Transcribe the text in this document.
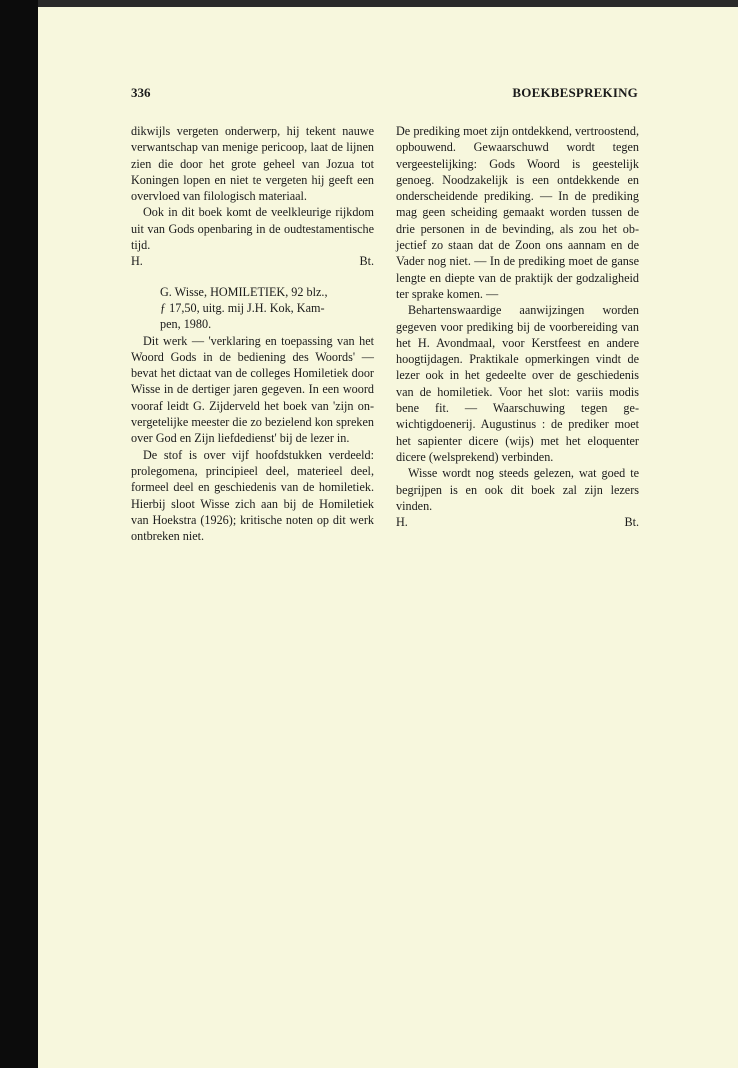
336	BOEKBESPREKING

dikwijls vergeten onderwerp, hij tekent nauwe verwantschap van menige pericoop, laat de lijnen zien die door het grote geheel van Jozua tot Koningen lopen en niet te vergeten hij geeft een overvloed van filologisch materiaal.

Ook in dit boek komt de veelkleurige rijkdom uit van Gods openbaring in de oudtestamentische tijd.

H.	Bt.
G. Wisse, HOMILETIEK, 92 blz.,
ƒ 17,50, uitg. mij J.H. Kok, Kam-
pen, 1980.

Dit werk — 'verklaring en toepassing van het Woord Gods in de bediening des Woords' — bevat het dictaat van de colleges Homiletiek door Wisse in de dertiger jaren gegeven. In een woord vooraf leidt G. Zijderveld het boek van 'zijn onvergetelijke meester die zo bezielend kon spreken over God en Zijn liefdedienst' bij de lezer in.

De stof is over vijf hoofdstukken verdeeld: prolegomena, principieel deel, materieel deel, formeel deel en geschiedenis van de homiletiek. Hierbij sloot Wisse zich aan bij de Homiletiek van Hoekstra (1926); kritische noten op dit werk ontbreken niet.

De prediking moet zijn ontdekkend, vertroostend, opbouwend. Gewaarschuwd wordt tegen vergeestelijking: Gods Woord is geestelijk genoeg. Noodzakelijk is een ontdekkende en onderscheidende prediking. — In de prediking mag geen scheiding gemaakt worden tussen de drie personen in de bevinding, als zou het objectief zo staan dat de Zoon ons aannam en de Vader nog niet. — In de prediking moet de ganse lengte en diepte van de praktijk der godzaligheid ter sprake komen. —

Behartenswaardige aanwijzingen worden gegeven voor prediking bij de voorbereiding van het H. Avondmaal, voor Kerstfeest en andere hoogtijdagen. Praktikale opmerkingen vindt de lezer ook in het gedeelte over de geschiedenis van de homiletiek. Voor het slot: variis modis bene fit. — Waarschuwing tegen gewichtigdoenerij. Augustinus : de prediker moet het sapienter dicere (wijs) met het eloquenter dicere (welsprekend) verbinden.

Wisse wordt nog steeds gelezen, wat goed te begrijpen is en ook dit boek zal zijn lezers vinden.

H.	Bt.
